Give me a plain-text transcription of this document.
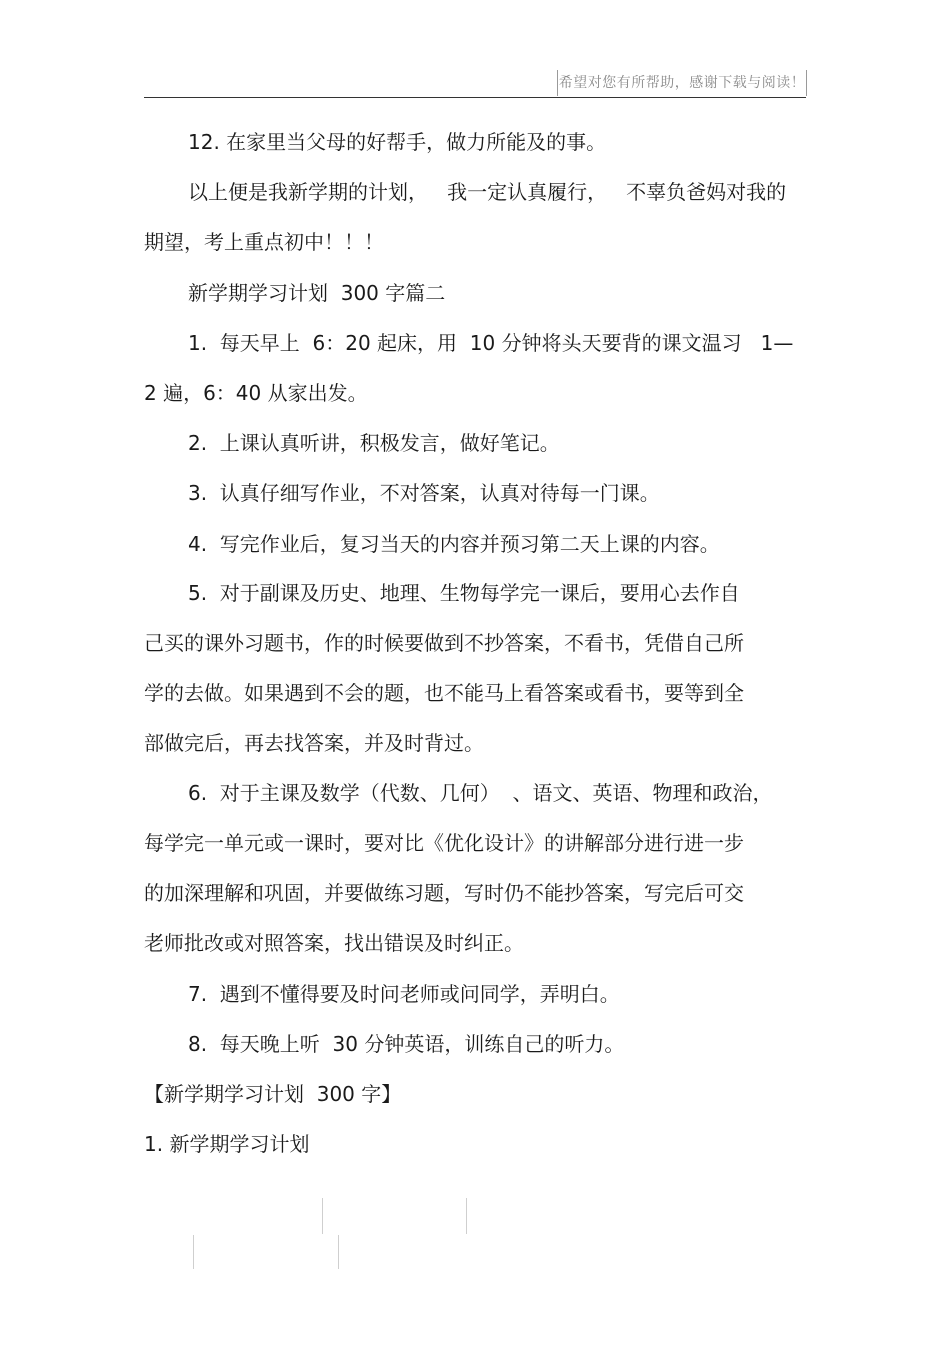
希望对您有所帮助，感谢下载与阅读！
12. 在家里当父母的好帮手，做力所能及的事。
以上便是我新学期的计划，   我一定认真履行，   不辜负爸妈对我的
期望，考上重点初中！！！
新学期学习计划  300 字篇二
1.  每天早上  6：20 起床，用  10 分钟将头天要背的课文温习   1—
2 遍，6：40 从家出发。
2.  上课认真听讲，积极发言，做好笔记。
3.  认真仔细写作业，不对答案，认真对待每一门课。
4.  写完作业后，复习当天的内容并预习第二天上课的内容。
5.  对于副课及历史、地理、生物每学完一课后，要用心去作自
己买的课外习题书，作的时候要做到不抄答案，不看书，凭借自己所
学的去做。如果遇到不会的题，也不能马上看答案或看书，要等到全
部做完后，再去找答案，并及时背过。
6.  对于主课及数学（代数、几何）  、语文、英语、物理和政治，
每学完一单元或一课时，要对比《优化设计》的讲解部分进行进一步
的加深理解和巩固，并要做练习题，写时仍不能抄答案，写完后可交
老师批改或对照答案，找出错误及时纠正。
7.  遇到不懂得要及时问老师或问同学，弄明白。
8.  每天晚上听  30 分钟英语，训练自己的听力。
【新学期学习计划  300 字】
1. 新学期学习计划
